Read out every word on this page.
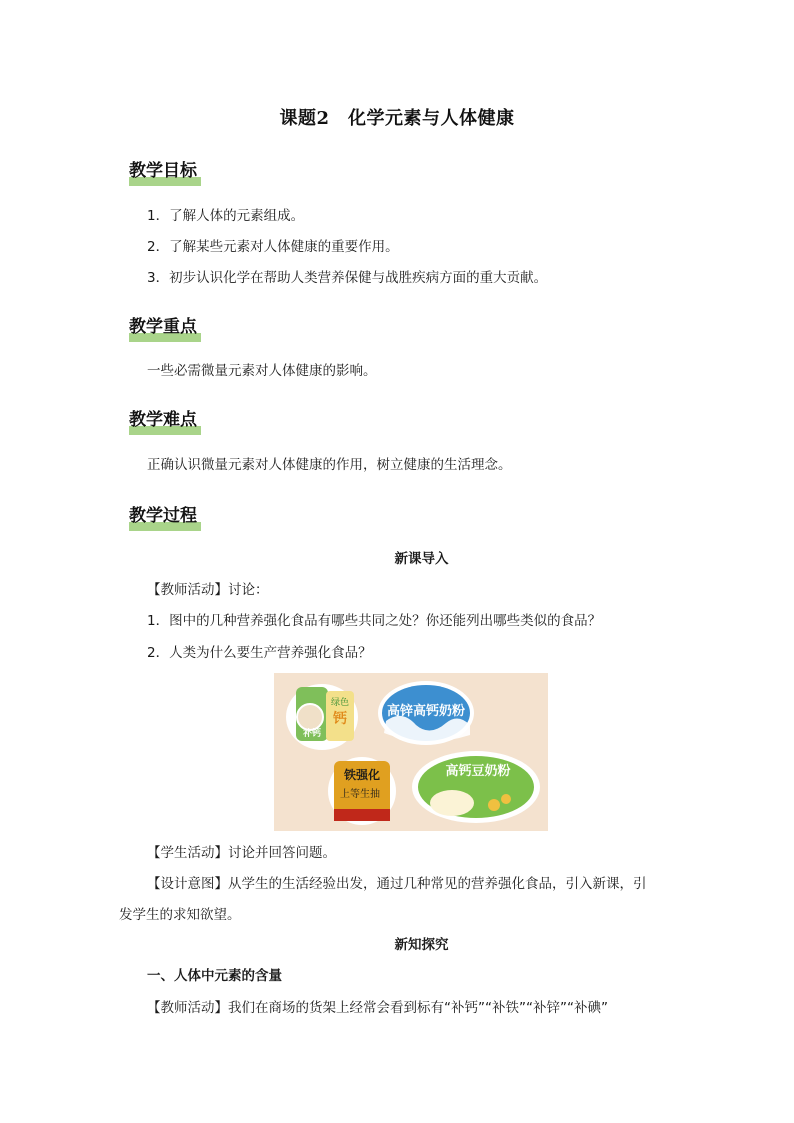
课题2　化学元素与人体健康
教学目标
1．了解人体的元素组成。
2．了解某些元素对人体健康的重要作用。
3．初步认识化学在帮助人类营养保健与战胜疾病方面的重大贡献。
教学重点
一些必需微量元素对人体健康的影响。
教学难点
正确认识微量元素对人体健康的作用，树立健康的生活理念。
教学过程
新课导入
【教师活动】讨论：
1．图中的几种营养强化食品有哪些共同之处？你还能列出哪些类似的食品？
2．人类为什么要生产营养强化食品？
绿色
钙
补钙
高锌高钙奶粉
铁强化
上等生抽
高钙豆奶粉
【学生活动】讨论并回答问题。
【设计意图】从学生的生活经验出发，通过几种常见的营养强化食品，引入新课，引
发学生的求知欲望。
新知探究
一、人体中元素的含量
【教师活动】我们在商场的货架上经常会看到标有“补钙”“补铁”“补锌”“补碘”
